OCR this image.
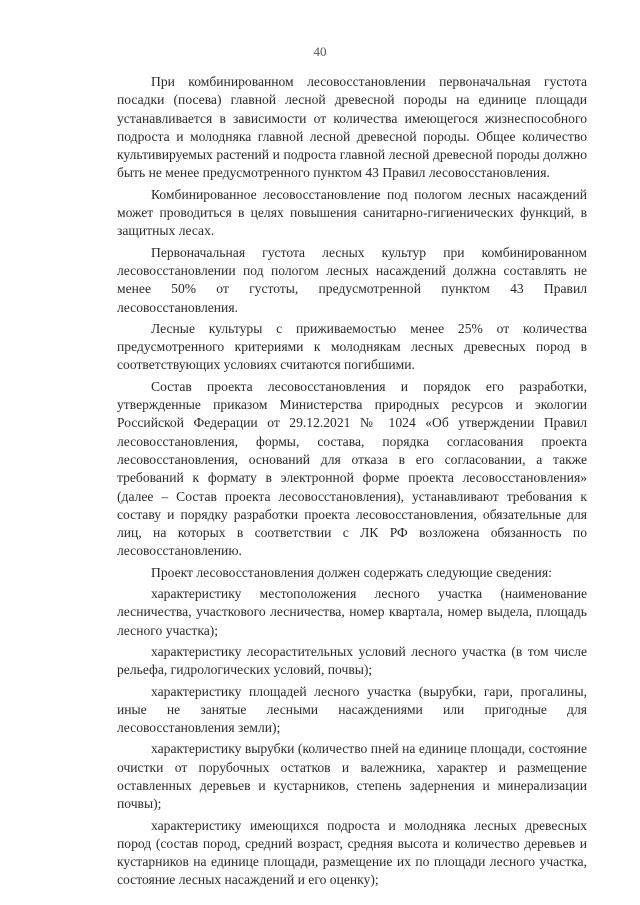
40

При комбинированном лесовосстановлении первоначальная густота посадки (посева) главной лесной древесной породы на единице площади устанавливается в зависимости от количества имеющегося жизнеспособного подроста и молодняка главной лесной древесной породы. Общее количество культивируемых растений и подроста главной лесной древесной породы должно быть не менее предусмотренного пунктом 43 Правил лесовосстановления.

Комбинированное лесовосстановление под пологом лесных насаждений может проводиться в целях повышения санитарно-гигиенических функций, в защитных лесах.

Первоначальная густота лесных культур при комбинированном лесовосстановлении под пологом лесных насаждений должна составлять не менее 50% от густоты, предусмотренной пунктом 43 Правил лесовосстановления.

Лесные культуры с приживаемостью менее 25% от количества предусмотренного критериями к молоднякам лесных древесных пород в соответствующих условиях считаются погибшими.

Состав проекта лесовосстановления и порядок его разработки, утвержденные приказом Министерства природных ресурсов и экологии Российской Федерации от 29.12.2021 № 1024 «Об утверждении Правил лесовосстановления, формы, состава, порядка согласования проекта лесовосстановления, оснований для отказа в его согласовании, а также требований к формату в электронной форме проекта лесовосстановления» (далее – Состав проекта лесовосстановления), устанавливают требования к составу и порядку разработки проекта лесовосстановления, обязательные для лиц, на которых в соответствии с ЛК РФ возложена обязанность по лесовосстановлению.

Проект лесовосстановления должен содержать следующие сведения:

характеристику местоположения лесного участка (наименование лесничества, участкового лесничества, номер квартала, номер выдела, площадь лесного участка);

характеристику лесорастительных условий лесного участка (в том числе рельефа, гидрологических условий, почвы);

характеристику площадей лесного участка (вырубки, гари, прогалины, иные не занятые лесными насаждениями или пригодные для лесовосстановления земли);

характеристику вырубки (количество пней на единице площади, состояние очистки от порубочных остатков и валежника, характер и размещение оставленных деревьев и кустарников, степень задернения и минерализации почвы);

характеристику имеющихся подроста и молодняка лесных древесных пород (состав пород, средний возраст, средняя высота и количество деревьев и кустарников на единице площади, размещение их по площади лесного участка, состояние лесных насаждений и его оценку);
